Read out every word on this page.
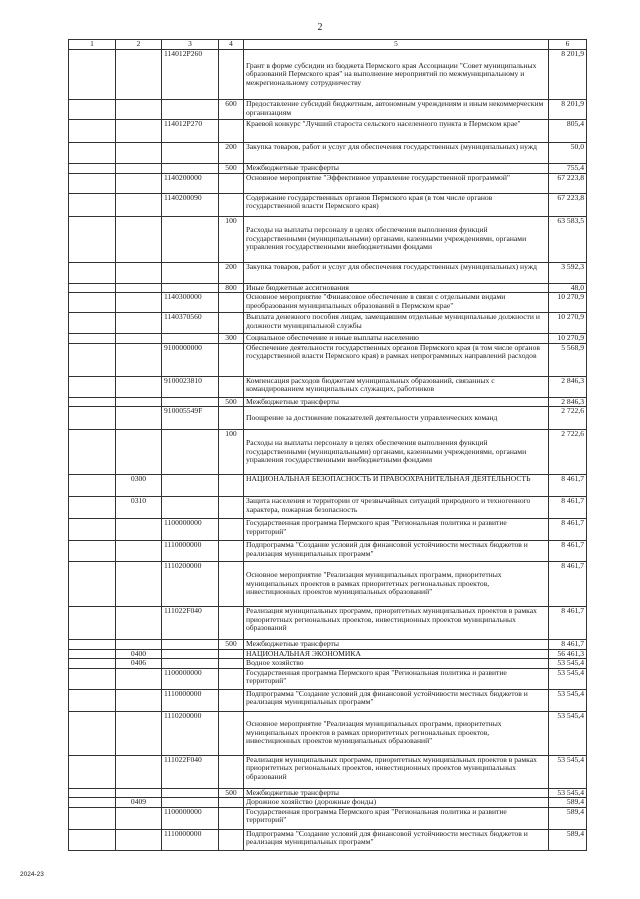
2
1	2	3	4	5	6
		114012P260		Грант в форме субсидии из бюджета Пермского края Ассоциации "Совет муниципальных образований Пермского края" на выполнение мероприятий по межмуниципальному и межрегиональному сотрудничеству	8 201,9
			600	Предоставление субсидий бюджетным, автономным учреждениям и иным некоммерческим организациям	8 201,9
		114012P270		Краевой конкурс "Лучший староста сельского населенного пункта в Пермском крае"	805,4
			200	Закупка товаров, работ и услуг для обеспечения государственных (муниципальных) нужд	50,0
			500	Межбюджетные трансферты	755,4
		1140200000		Основное мероприятие "Эффективное управление государственной программой"	67 223,8
		1140200090		Содержание государственных органов Пермского края (в том числе органов государственной власти Пермского края)	67 223,8
			100	Расходы на выплаты персоналу в целях обеспечения выполнения функций государственными (муниципальными) органами, казенными учреждениями, органами управления государственными внебюджетными фондами	63 583,5
			200	Закупка товаров, работ и услуг для обеспечения государственных (муниципальных) нужд	3 592,3
			800	Иные бюджетные ассигнования	48,0
		1140300000		Основное мероприятие "Финансовое обеспечение в связи с отдельными видами преобразования муниципальных образований в Пермском крае"	10 270,9
		1140370560		Выплата денежного пособия лицам, замещавшим отдельные муниципальные должности и должности муниципальной службы	10 270,9
			300	Социальное обеспечение и иные выплаты населению	10 270,9
		9100000000		Обеспечение деятельности государственных органов Пермского края (в том числе органов государственной власти Пермского края) в рамках непрограммных направлений расходов	5 568,9
		9100023810		Компенсация расходов бюджетам муниципальных образований, связанных с командированием муниципальных служащих, работников	2 846,3
			500	Межбюджетные трансферты	2 846,3
		910005549F		Поощрение за достижение показателей деятельности управленческих команд	2 722,6
			100	Расходы на выплаты персоналу в целях обеспечения выполнения функций государственными (муниципальными) органами, казенными учреждениями, органами управления государственными внебюджетными фондами	2 722,6
	0300			НАЦИОНАЛЬНАЯ БЕЗОПАСНОСТЬ И ПРАВООХРАНИТЕЛЬНАЯ ДЕЯТЕЛЬНОСТЬ	8 461,7
	0310			Защита населения и территории от чрезвычайных ситуаций природного и техногенного характера, пожарная безопасность	8 461,7
		1100000000		Государственная программа Пермского края "Региональная политика и развитие территорий"	8 461,7
		1110000000		Подпрограмма "Создание условий для финансовой устойчивости местных бюджетов и реализация муниципальных программ"	8 461,7
		1110200000		Основное мероприятие "Реализация муниципальных программ, приоритетных муниципальных проектов в рамках приоритетных региональных проектов, инвестиционных проектов муниципальных образований"	8 461,7
		111022F040		Реализация муниципальных программ, приоритетных муниципальных проектов в рамках приоритетных региональных проектов, инвестиционных проектов муниципальных образований	8 461,7
			500	Межбюджетные трансферты	8 461,7
	0400			НАЦИОНАЛЬНАЯ ЭКОНОМИКА	56 461,3
	0406			Водное хозяйство	53 545,4
		1100000000		Государственная программа Пермского края "Региональная политика и развитие территорий"	53 545,4
		1110000000		Подпрограмма "Создание условий для финансовой устойчивости местных бюджетов и реализация муниципальных программ"	53 545,4
		1110200000		Основное мероприятие "Реализация муниципальных программ, приоритетных муниципальных проектов в рамках приоритетных региональных проектов, инвестиционных проектов муниципальных образований"	53 545,4
		111022F040		Реализация муниципальных программ, приоритетных муниципальных проектов в рамках приоритетных региональных проектов, инвестиционных проектов муниципальных образований	53 545,4
			500	Межбюджетные трансферты	53 545,4
	0409			Дорожное хозяйство (дорожные фонды)	589,4
		1100000000		Государственная программа Пермского края "Региональная политика и развитие территорий"	589,4
		1110000000		Подпрограмма "Создание условий для финансовой устойчивости местных бюджетов и реализация муниципальных программ"	589,4
2024-23
